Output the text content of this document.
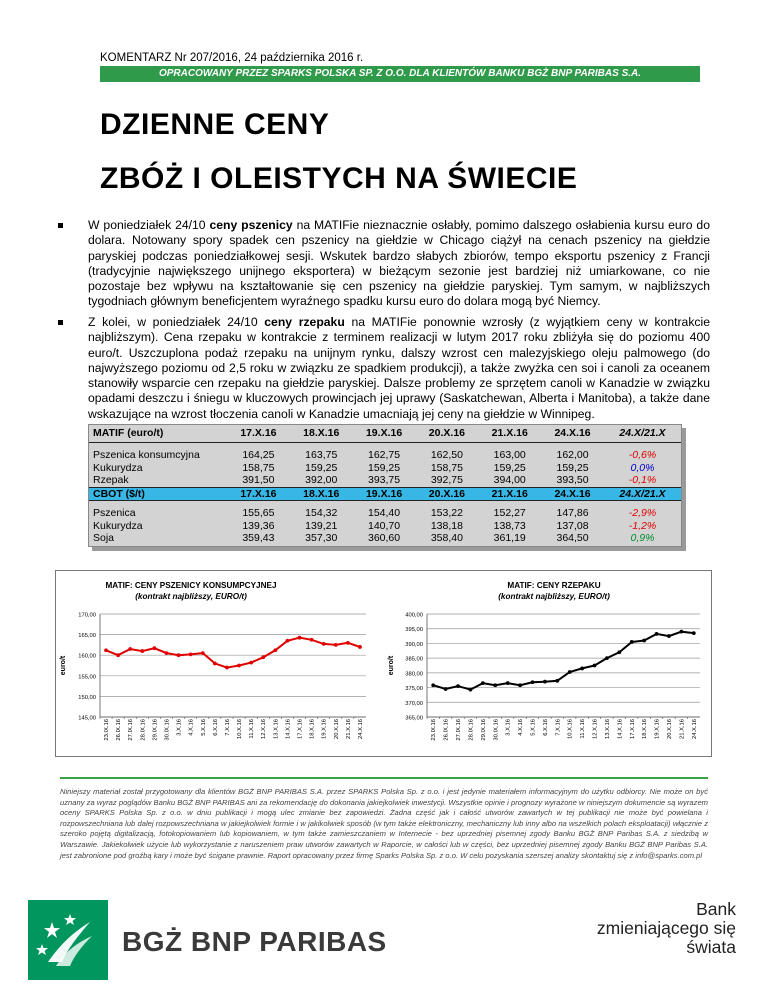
KOMENTARZ Nr 207/2016, 24 października 2016 r.
OPRACOWANY PRZEZ SPARKS POLSKA SP. Z O.O. DLA KLIENTÓW BANKU BGŻ BNP PARIBAS S.A.
DZIENNE CENY
ZBÓŻ I OLEISTYCH NA ŚWIECIE

W poniedziałek 24/10 ceny pszenicy na MATIFie nieznacznie osłabły, pomimo dalszego osłabienia kursu euro do dolara. Notowany spory spadek cen pszenicy na giełdzie w Chicago ciążył na cenach pszenicy na giełdzie paryskiej podczas poniedziałkowej sesji. Wskutek bardzo słabych zbiorów, tempo eksportu pszenicy z Francji (tradycyjnie największego unijnego eksportera) w bieżącym sezonie jest bardziej niż umiarkowane, co nie pozostaje bez wpływu na kształtowanie się cen pszenicy na giełdzie paryskiej. Tym samym, w najbliższych tygodniach głównym beneficjentem wyraźnego spadku kursu euro do dolara mogą być Niemcy.

Z kolei, w poniedziałek 24/10 ceny rzepaku na MATIFie ponownie wzrosły (z wyjątkiem ceny w kontrakcie najbliższym). Cena rzepaku w kontrakcie z terminem realizacji w lutym 2017 roku zbliżyła się do poziomu 400 euro/t. Uszczuplona podaż rzepaku na unijnym rynku, dalszy wzrost cen malezyjskiego oleju palmowego (do najwyższego poziomu od 2,5 roku w związku ze spadkiem produkcji), a także zwyżka cen soi i canoli za oceanem stanowiły wsparcie cen rzepaku na giełdzie paryskiej. Dalsze problemy ze sprzętem canoli w Kanadzie w związku opadami deszczu i śniegu w kluczowych prowincjach jej uprawy (Saskatchewan, Alberta i Manitoba), a także dane wskazujące na wzrost tłoczenia canoli w Kanadzie umacniają jej ceny na giełdzie w Winnipeg.

MATIF (euro/t)	17.X.16	18.X.16	19.X.16	20.X.16	21.X.16	24.X.16	24.X/21.X

Pszenica konsumcyjna	164,25	163,75	162,75	162,50	163,00	162,00	-0,6%
Kukurydza	158,75	159,25	159,25	158,75	159,25	159,25	0,0%
Rzepak	391,50	392,00	393,75	392,75	394,00	393,50	-0,1%
CBOT ($/t)	17.X.16	18.X.16	19.X.16	20.X.16	21.X.16	24.X.16	24.X/21.X

Pszenica	155,65	154,32	154,40	153,22	152,27	147,86	-2,9%
Kukurydza	139,36	139,21	140,70	138,18	138,73	137,08	-1,2%
Soja	359,43	357,30	360,60	358,40	361,19	364,50	0,9%
MATIF: CENY PSZENICY KONSUMPCYJNEJ
(kontrakt najbliższy, EURO/t)
170,00
165,00
160,00
155,00
150,00
145,00
euro/t
23.IX.16 26.IX.16 27.IX.16 28.IX.16 29.IX.16 30.IX.16 3.X.16 4.X.16 5.X.16 6.X.16 7.X.16 10.X.16 11.X.16 12.X.16 13.X.16 14.X.16 17.X.16 18.X.16 19.X.16 20.X.16 21.X.16 24.X.16
MATIF: CENY RZEPAKU
(kontrakt najbliższy, EURO/t)
400,00
395,00
390,00
385,00
380,00
375,00
370,00
365,00
euro/t
23.IX.16 26.IX.16 27.IX.16 28.IX.16 29.IX.16 30.IX.16 3.X.16 4.X.16 5.X.16 6.X.16 7.X.16 10.X.16 11.X.16 12.X.16 13.X.16 14.X.16 17.X.16 18.X.16 19.X.16 20.X.16 21.X.16 24.X.16
Niniejszy materiał został przygotowany dla klientów BGŻ BNP PARIBAS S.A. przez SPARKS Polska Sp. z o.o. i jest jedynie materiałem informacyjnym do użytku odbiorcy. Nie może on być uznany za wyraz poglądów Banku BGŻ BNP PARIBAS ani za rekomendację do dokonania jakiejkolwiek inwestycji. Wszystkie opinie i prognozy wyrażone w niniejszym dokumencie są wyrazem oceny SPARKS Polska Sp. z o.o. w dniu publikacji i mogą ulec zmianie bez zapowiedzi. Żadna część jak i całość utworów zawartych w tej publikacji nie może być powielana i rozpowszechniana lub dalej rozpowszechniana w jakiejkolwiek formie i w jakikolwiek sposób (w tym także elektroniczny, mechaniczny lub inny albo na wszelkich polach eksploatacji) włącznie z szeroko pojętą digitalizacją, fotokopiowaniem lub kopiowaniem, w tym także zamieszczaniem w Internecie - bez uprzedniej pisemnej zgody Banku BGŻ BNP Paribas S.A. z siedzibą w Warszawie. Jakiekolwiek użycie lub wykorzystanie z naruszeniem praw utworów zawartych w Raporcie, w całości lub w części, bez uprzedniej pisemnej zgody Banku BGŻ BNP Paribas S.A. jest zabronione pod groźbą kary i może być ścigane prawnie. Raport opracowany przez firmę Sparks Polska Sp. z o.o. W celu pozyskania szerszej analizy skontaktuj się z info@sparks.com.pl
BGŻ BNP PARIBAS
Bank
zmieniającego się
świata
